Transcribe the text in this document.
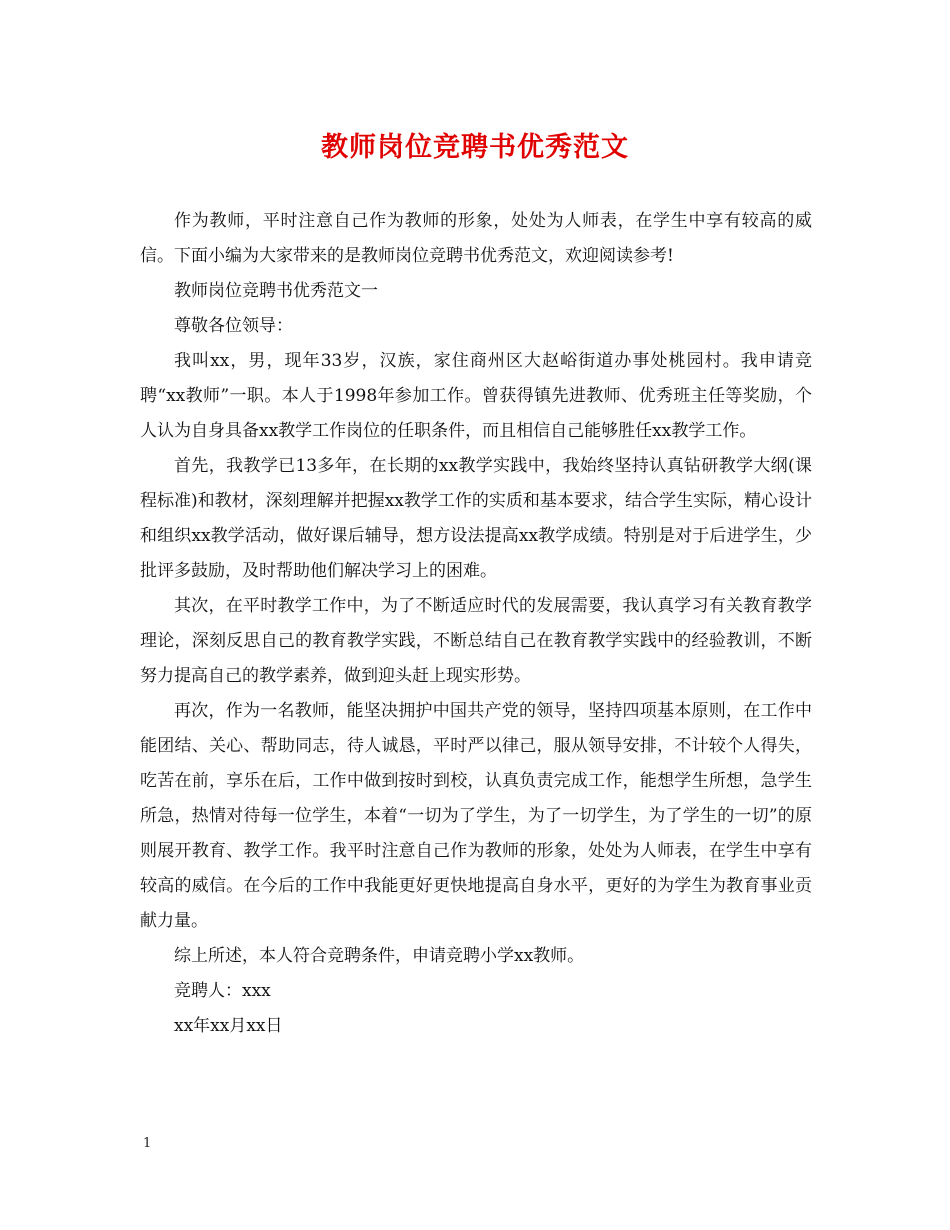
教师岗位竞聘书优秀范文

作为教师，平时注意自己作为教师的形象，处处为人师表，在学生中享有较高的威信。下面小编为大家带来的是教师岗位竞聘书优秀范文，欢迎阅读参考!

教师岗位竞聘书优秀范文一

尊敬各位领导：

我叫xx，男，现年33岁，汉族，家住商州区大赵峪街道办事处桃园村。我申请竞聘“xx教师”一职。本人于1998年参加工作。曾获得镇先进教师、优秀班主任等奖励，个人认为自身具备xx教学工作岗位的任职条件，而且相信自己能够胜任xx教学工作。

首先，我教学已13多年，在长期的xx教学实践中，我始终坚持认真钻研教学大纲(课程标准)和教材，深刻理解并把握xx教学工作的实质和基本要求，结合学生实际，精心设计和组织xx教学活动，做好课后辅导，想方设法提高xx教学成绩。特别是对于后进学生，少批评多鼓励，及时帮助他们解决学习上的困难。

其次，在平时教学工作中，为了不断适应时代的发展需要，我认真学习有关教育教学理论，深刻反思自己的教育教学实践，不断总结自己在教育教学实践中的经验教训，不断努力提高自己的教学素养，做到迎头赶上现实形势。

再次，作为一名教师，能坚决拥护中国共产党的领导，坚持四项基本原则，在工作中能团结、关心、帮助同志，待人诚恳，平时严以律己，服从领导安排，不计较个人得失，吃苦在前，享乐在后，工作中做到按时到校，认真负责完成工作，能想学生所想，急学生所急，热情对待每一位学生，本着“一切为了学生，为了一切学生，为了学生的一切”的原则展开教育、教学工作。我平时注意自己作为教师的形象，处处为人师表，在学生中享有较高的威信。在今后的工作中我能更好更快地提高自身水平，更好的为学生为教育事业贡献力量。

综上所述，本人符合竞聘条件，申请竞聘小学xx教师。

竞聘人：xxx

xx年xx月xx日

1
